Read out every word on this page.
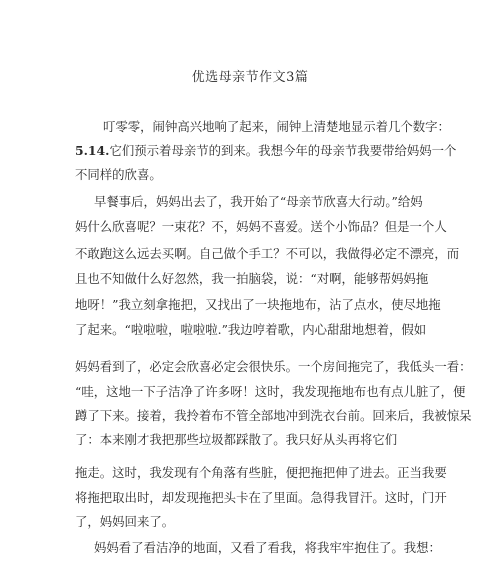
优选母亲节作文3篇
叮零零，闹钟高兴地响了起来，闹钟上清楚地显示着几个数字：
5.14.它们预示着母亲节的到来。我想今年的母亲节我要带给妈妈一个
不同样的欣喜。
早餐事后，妈妈出去了，我开始了“母亲节欣喜大行动。”给妈
妈什么欣喜呢？一束花？不，妈妈不喜爱。送个小饰品？但是一个人
不敢跑这么远去买啊。自己做个手工？不可以，我做得必定不漂亮，而
且也不知做什么好忽然，我一拍脑袋，说：“对啊，能够帮妈妈拖
地呀！”我立刻拿拖把，又找出了一块拖地布，沾了点水，使尽地拖
了起来。“啦啦啦，啦啦啦.”我边哼着歌，内心甜甜地想着，假如
妈妈看到了，必定会欣喜必定会很快乐。一个房间拖完了，我低头一看：
“哇，这地一下子洁净了许多呀！这时，我发现拖地布也有点儿脏了，便
蹲了下来。接着，我拎着布不管全部地冲到洗衣台前。回来后，我被惊呆
了：本来刚才我把那些垃圾都踩散了。我只好从头再将它们
拖走。这时，我发现有个角落有些脏，便把拖把伸了进去。正当我要
将拖把取出时，却发现拖把头卡在了里面。急得我冒汗。这时，门开
了，妈妈回来了。
妈妈看了看洁净的地面，又看了看我，将我牢牢抱住了。我想：
